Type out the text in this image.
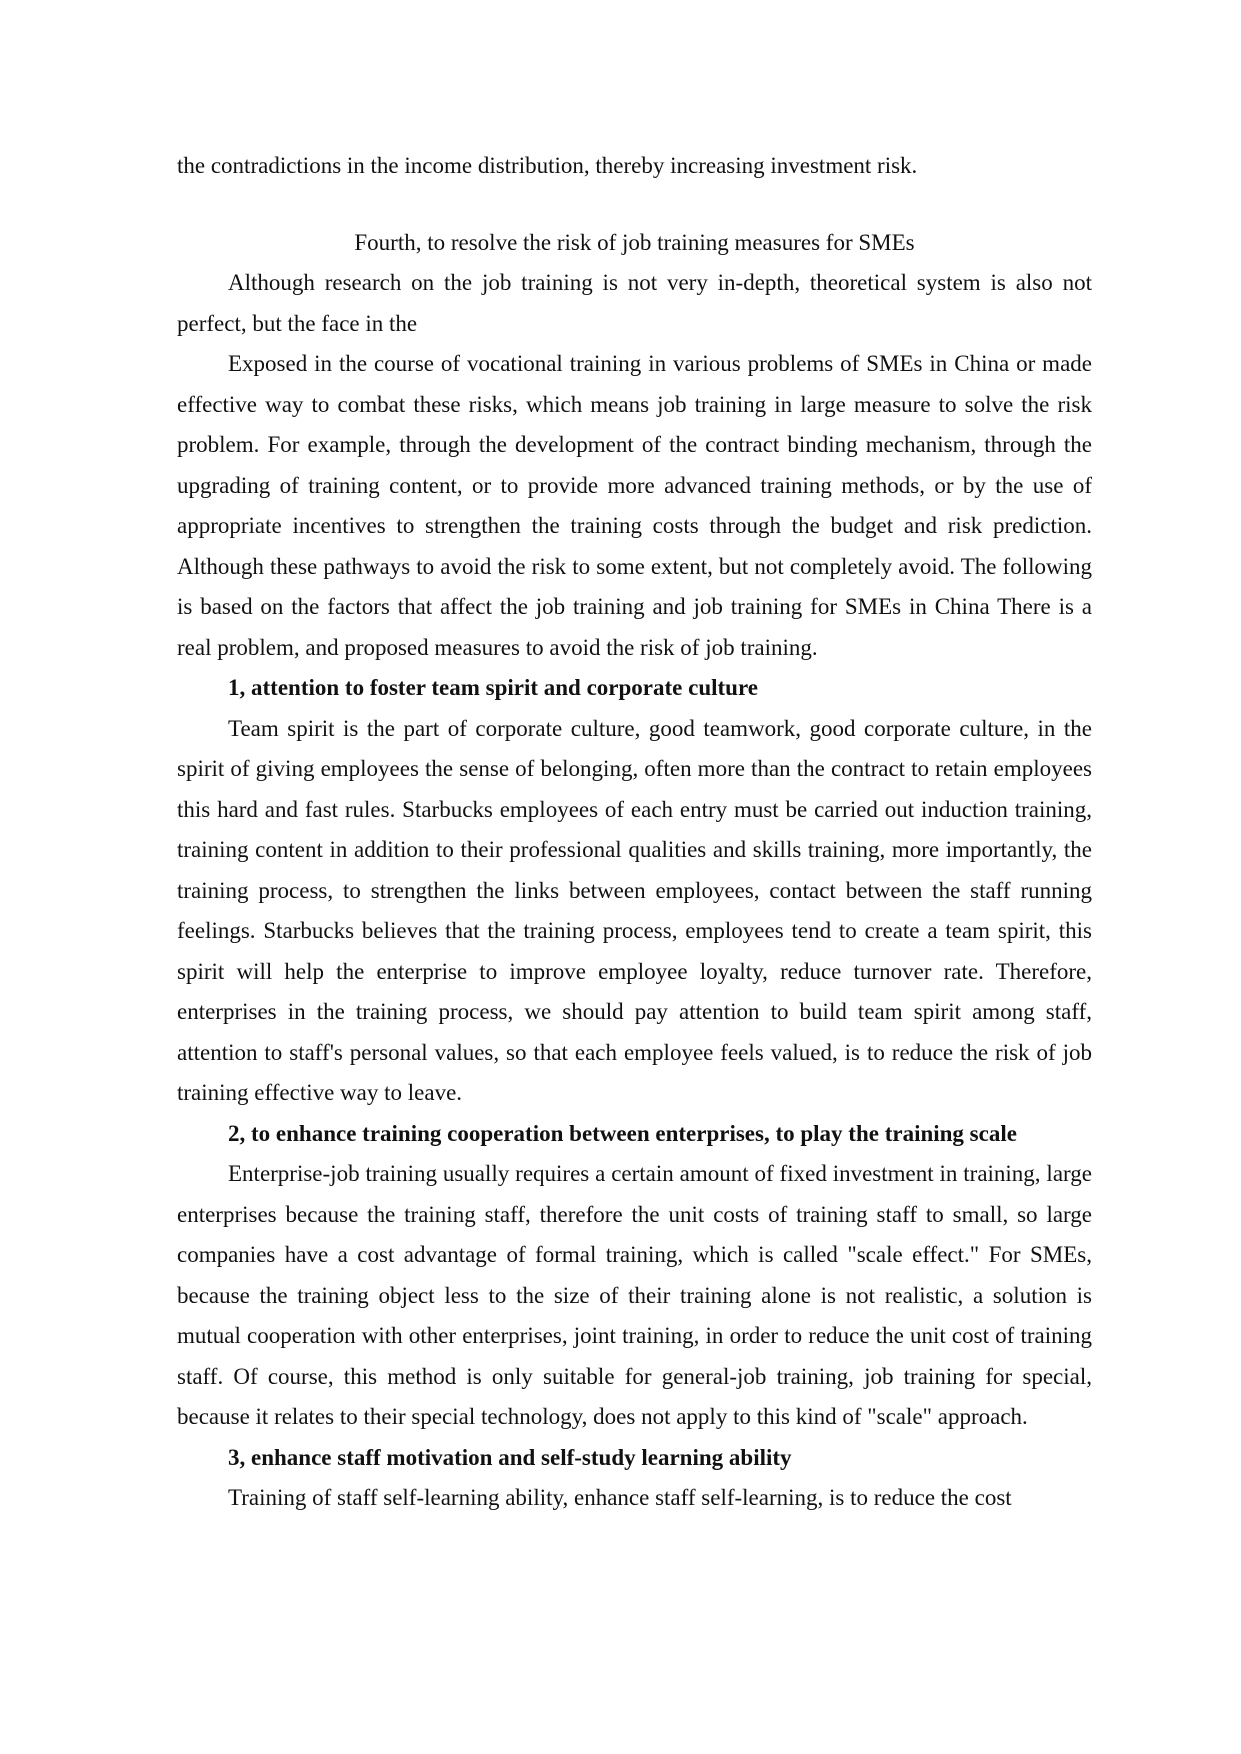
the contradictions in the income distribution, thereby increasing investment risk.

Fourth, to resolve the risk of job training measures for SMEs

Although research on the job training is not very in-depth, theoretical system is also not perfect, but the face in the

Exposed in the course of vocational training in various problems of SMEs in China or made effective way to combat these risks, which means job training in large measure to solve the risk problem. For example, through the development of the contract binding mechanism, through the upgrading of training content, or to provide more advanced training methods, or by the use of appropriate incentives to strengthen the training costs through the budget and risk prediction. Although these pathways to avoid the risk to some extent, but not completely avoid. The following is based on the factors that affect the job training and job training for SMEs in China There is a real problem, and proposed measures to avoid the risk of job training.

1, attention to foster team spirit and corporate culture

Team spirit is the part of corporate culture, good teamwork, good corporate culture, in the spirit of giving employees the sense of belonging, often more than the contract to retain employees this hard and fast rules. Starbucks employees of each entry must be carried out induction training, training content in addition to their professional qualities and skills training, more importantly, the training process, to strengthen the links between employees, contact between the staff running feelings. Starbucks believes that the training process, employees tend to create a team spirit, this spirit will help the enterprise to improve employee loyalty, reduce turnover rate. Therefore, enterprises in the training process, we should pay attention to build team spirit among staff, attention to staff's personal values, so that each employee feels valued, is to reduce the risk of job training effective way to leave.

2, to enhance training cooperation between enterprises, to play the training scale

Enterprise-job training usually requires a certain amount of fixed investment in training, large enterprises because the training staff, therefore the unit costs of training staff to small, so large companies have a cost advantage of formal training, which is called "scale effect." For SMEs, because the training object less to the size of their training alone is not realistic, a solution is mutual cooperation with other enterprises, joint training, in order to reduce the unit cost of training staff. Of course, this method is only suitable for general-job training, job training for special, because it relates to their special technology, does not apply to this kind of "scale" approach.

3, enhance staff motivation and self-study learning ability

Training of staff self-learning ability, enhance staff self-learning, is to reduce the cost
